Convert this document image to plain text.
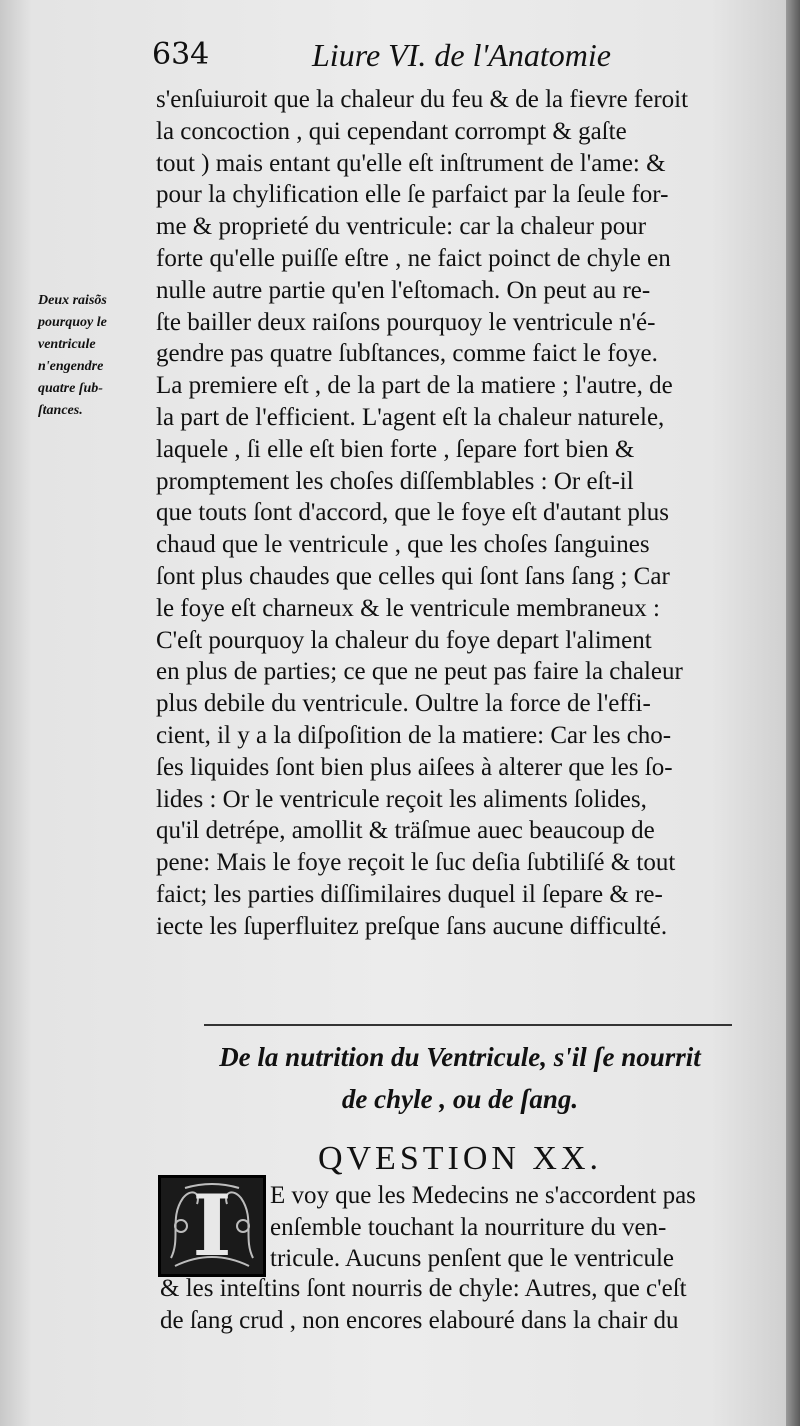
634	Liure VI. de l'Anatomie
Deux raisõs
pourquoy le
ventricule
n'engendre
quatre ſub-
ſtances.
s'enſuiuroit que la chaleur du feu & de la fievre feroit
la concoction , qui cependant corrompt & gaſte
tout ) mais entant qu'elle eſt inſtrument de l'ame: &
pour la chylification elle ſe parfaict par la ſeule for-
me & proprieté du ventricule: car la chaleur pour
forte qu'elle puiſſe eſtre , ne faict poinct de chyle en
nulle autre partie qu'en l'eſtomach. On peut au re-
ſte bailler deux raiſons pourquoy le ventricule n'é-
gendre pas quatre ſubſtances, comme faict le foye.
La premiere eſt , de la part de la matiere ; l'autre, de
la part de l'efficient. L'agent eſt la chaleur naturele,
laquele , ſi elle eſt bien forte , ſepare fort bien &
promptement les choſes diſſemblables : Or eſt-il
que touts ſont d'accord, que le foye eſt d'autant plus
chaud que le ventricule , que les choſes ſanguines
ſont plus chaudes que celles qui ſont ſans ſang ; Car
le foye eſt charneux & le ventricule membraneux :
C'eſt pourquoy la chaleur du foye depart l'aliment
en plus de parties; ce que ne peut pas faire la chaleur
plus debile du ventricule. Oultre la force de l'effi-
cient, il y a la diſpoſition de la matiere: Car les cho-
ſes liquides ſont bien plus aiſees à alterer que les ſo-
lides : Or le ventricule reçoit les aliments ſolides,
qu'il detrépe, amollit & träſmue auec beaucoup de
pene: Mais le foye reçoit le ſuc deſia ſubtiliſé & tout
faict; les parties diſſimilaires duquel il ſepare & re-
iecte les ſuperfluitez preſque ſans aucune difficulté.
De la nutrition du Ventricule, s'il ſe nourrit
de chyle , ou de ſang.
QVESTION XX.
I	E voy que les Medecins ne s'accordent pas
enſemble touchant la nourriture du ven-
tricule. Aucuns penſent que le ventricule
& les inteſtins ſont nourris de chyle: Autres, que c'eſt
de ſang crud , non encores elabouré dans la chair du
